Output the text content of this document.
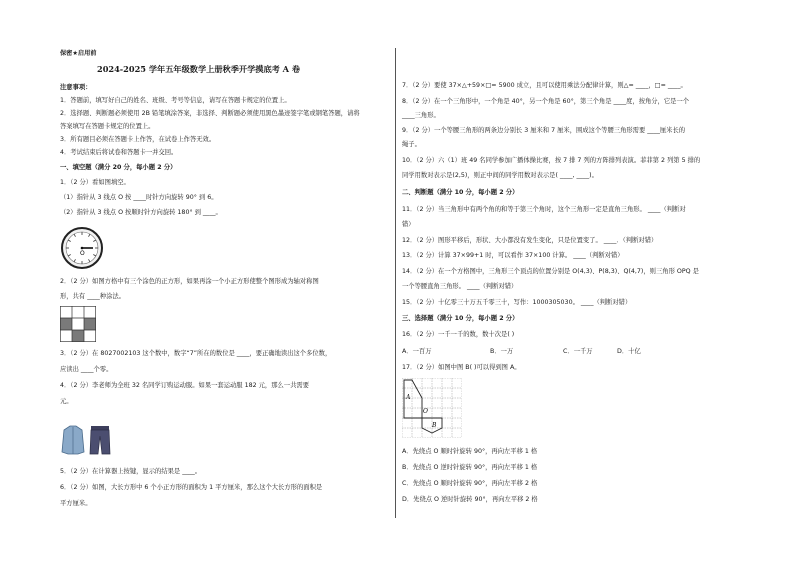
保密★启用前
2024-2025 学年五年级数学上册秋季开学摸底考 A 卷
注意事项：
1．答题前，填写好自己的姓名、班级、考号等信息，请写在答题卡规定的位置上。
2．选择题、判断题必须使用 2B 铅笔填涂答案，非选择、判断题必须使用黑色墨迹签字笔或钢笔答题，请将
答案填写在答题卡规定的位置上。
3．所有题目必须在答题卡上作答，在试卷上作答无效。
4．考试结束后将试卷和答题卡一并交回。
一、填空题（满分 20 分，每小题 2 分）
1．（2 分）看如图填空。
（1）指针从 3 线点 O 按 ____时针方向旋转 90° 到 6。
（2）指针从 3 线点 O 按顺时针方向旋转 180° 到 ____。
O
2．（2 分）如图方格中有三个涂色的正方形，如果再涂一个小正方形使整个图形成为轴对称图
形，共有 ____种涂法。
3．（2 分）在 8027002103 这个数中，数字“7”所在的数位是 ____，要正确地读出这个多位数，
应读出 ____个零。
4．（2 分）李老师为全班 32 名同学订购运动服。如果一套运动服 182 元，那么一共需要
元。
5．（2 分）在计算器上按键，显示的结果是 ____。
6．（2 分）如图，大长方形中 6 个小正方形的面积为 1 平方厘米，那么这个大长方形的面积是
平方厘米。
7．（2 分）要使 37×△+59×□= 5900 成立，且可以使用乘法分配律计算，则△= ____，□= ____。
8．（2 分）在一个三角形中，一个角是 40°，另一个角是 60°，第三个角是 ____度，按角分，它是一个
____三角形。
9．（2 分）一个等腰三角形的两条边分别长 3 厘米和 7 厘米，围成这个等腰三角形需要 ____厘米长的
绳子。
10．（2 分）六（1）班 49 名同学参加广播体操比赛，按 7 排 7 列的方阵排列表演。菲菲第 2 列第 5 排的
同学用数对表示是(2,5)，则正中间的同学用数对表示是( ____, ____)。
二、判断题（满分 10 分，每小题 2 分）
11．（2 分）当三角形中有两个角的和等于第三个角时，这个三角形一定是直角三角形。 ____（判断对
错）
12．（2 分）图形平移后，形状、大小都没有发生变化，只是位置变了。 ____．（判断对错）
13．（2 分）计算 37×99+1 时，可以看作 37×100 计算。 ____（判断对错）
14．（2 分）在一个方格图中，三角形三个顶点的位置分别是 O(4,3)、P(8,3)、Q(4,7)，则三角形 OPQ 是
一个等腰直角三角形。 ____（判断对错）
15．（2 分）十亿零三十万五千零三十，写作：1000305030。 ____（判断对错）
三、选择题（满分 10 分，每小题 2 分）
16．（2 分）一千一千的数，数十次是( )
A．一百万	B．一万	C．一千万	D．十亿
17．（2 分）如图中图 B( )可以得到图 A。
A
O
B
A．先绕点 O 顺时针旋转 90°，再向左平移 1 格
B．先绕点 O 逆时针旋转 90°，再向左平移 1 格
C．先绕点 O 顺时针旋转 90°，再向左平移 2 格
D．先绕点 O 逆时针旋转 90°，再向左平移 2 格
